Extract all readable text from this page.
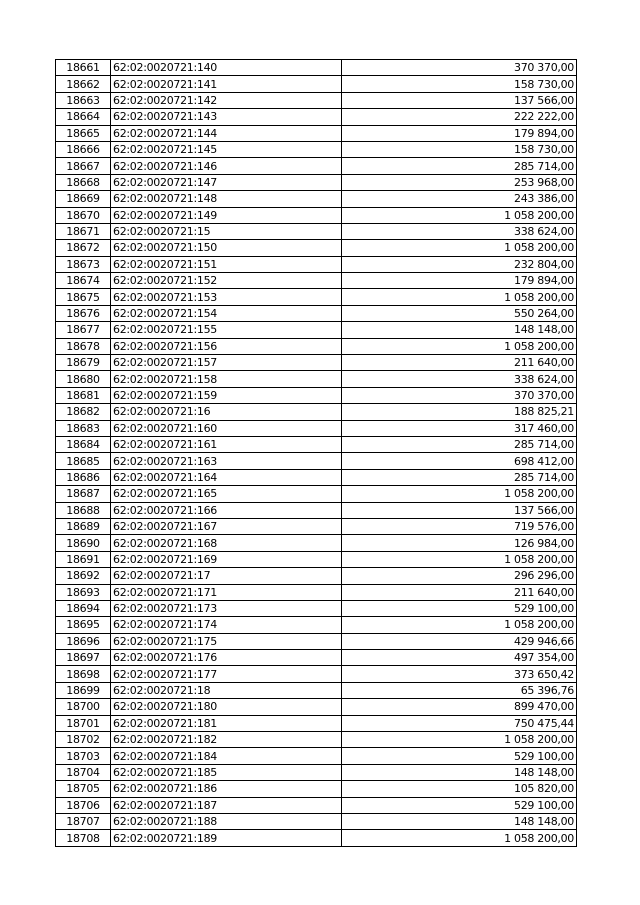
18661	62:02:0020721:140	370 370,00
18662	62:02:0020721:141	158 730,00
18663	62:02:0020721:142	137 566,00
18664	62:02:0020721:143	222 222,00
18665	62:02:0020721:144	179 894,00
18666	62:02:0020721:145	158 730,00
18667	62:02:0020721:146	285 714,00
18668	62:02:0020721:147	253 968,00
18669	62:02:0020721:148	243 386,00
18670	62:02:0020721:149	1 058 200,00
18671	62:02:0020721:15	338 624,00
18672	62:02:0020721:150	1 058 200,00
18673	62:02:0020721:151	232 804,00
18674	62:02:0020721:152	179 894,00
18675	62:02:0020721:153	1 058 200,00
18676	62:02:0020721:154	550 264,00
18677	62:02:0020721:155	148 148,00
18678	62:02:0020721:156	1 058 200,00
18679	62:02:0020721:157	211 640,00
18680	62:02:0020721:158	338 624,00
18681	62:02:0020721:159	370 370,00
18682	62:02:0020721:16	188 825,21
18683	62:02:0020721:160	317 460,00
18684	62:02:0020721:161	285 714,00
18685	62:02:0020721:163	698 412,00
18686	62:02:0020721:164	285 714,00
18687	62:02:0020721:165	1 058 200,00
18688	62:02:0020721:166	137 566,00
18689	62:02:0020721:167	719 576,00
18690	62:02:0020721:168	126 984,00
18691	62:02:0020721:169	1 058 200,00
18692	62:02:0020721:17	296 296,00
18693	62:02:0020721:171	211 640,00
18694	62:02:0020721:173	529 100,00
18695	62:02:0020721:174	1 058 200,00
18696	62:02:0020721:175	429 946,66
18697	62:02:0020721:176	497 354,00
18698	62:02:0020721:177	373 650,42
18699	62:02:0020721:18	65 396,76
18700	62:02:0020721:180	899 470,00
18701	62:02:0020721:181	750 475,44
18702	62:02:0020721:182	1 058 200,00
18703	62:02:0020721:184	529 100,00
18704	62:02:0020721:185	148 148,00
18705	62:02:0020721:186	105 820,00
18706	62:02:0020721:187	529 100,00
18707	62:02:0020721:188	148 148,00
18708	62:02:0020721:189	1 058 200,00
